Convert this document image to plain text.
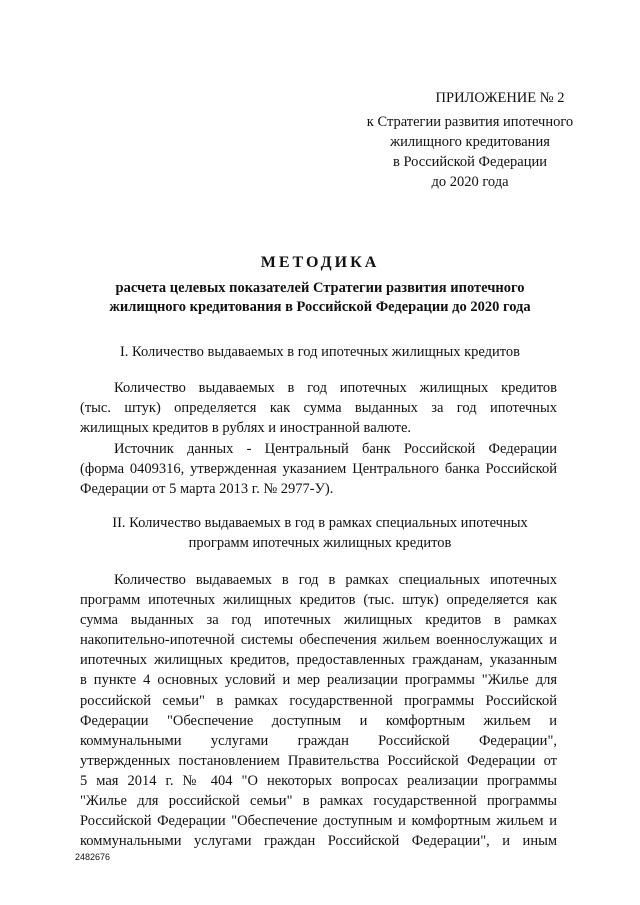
ПРИЛОЖЕНИЕ № 2
к Стратегии развития ипотечного
жилищного кредитования
в Российской Федерации
до 2020 года
МЕТОДИКА
расчета целевых показателей Стратегии развития ипотечного
жилищного кредитования в Российской Федерации до 2020 года
I. Количество выдаваемых в год ипотечных жилищных кредитов
Количество выдаваемых в год ипотечных жилищных кредитов
(тыс. штук) определяется как сумма выданных за год ипотечных
жилищных кредитов в рублях и иностранной валюте.
Источник данных - Центральный банк Российской Федерации
(форма 0409316, утвержденная указанием Центрального банка Российской
Федерации от 5 марта 2013 г. № 2977-У).
II. Количество выдаваемых в год в рамках специальных ипотечных
программ ипотечных жилищных кредитов
Количество выдаваемых в год в рамках специальных ипотечных
программ ипотечных жилищных кредитов (тыс. штук) определяется как
сумма выданных за год ипотечных жилищных кредитов в рамках
накопительно-ипотечной системы обеспечения жильем военнослужащих и
ипотечных жилищных кредитов, предоставленных гражданам, указанным
в пункте 4 основных условий и мер реализации программы "Жилье для
российской семьи" в рамках государственной программы Российской
Федерации "Обеспечение доступным и комфортным жильем и
коммунальными услугами граждан Российской Федерации",
утвержденных постановлением Правительства Российской Федерации от
5 мая 2014 г. № 404 "О некоторых вопросах реализации программы
"Жилье для российской семьи" в рамках государственной программы
Российской Федерации "Обеспечение доступным и комфортным жильем и
коммунальными услугами граждан Российской Федерации", и иным
2482676
